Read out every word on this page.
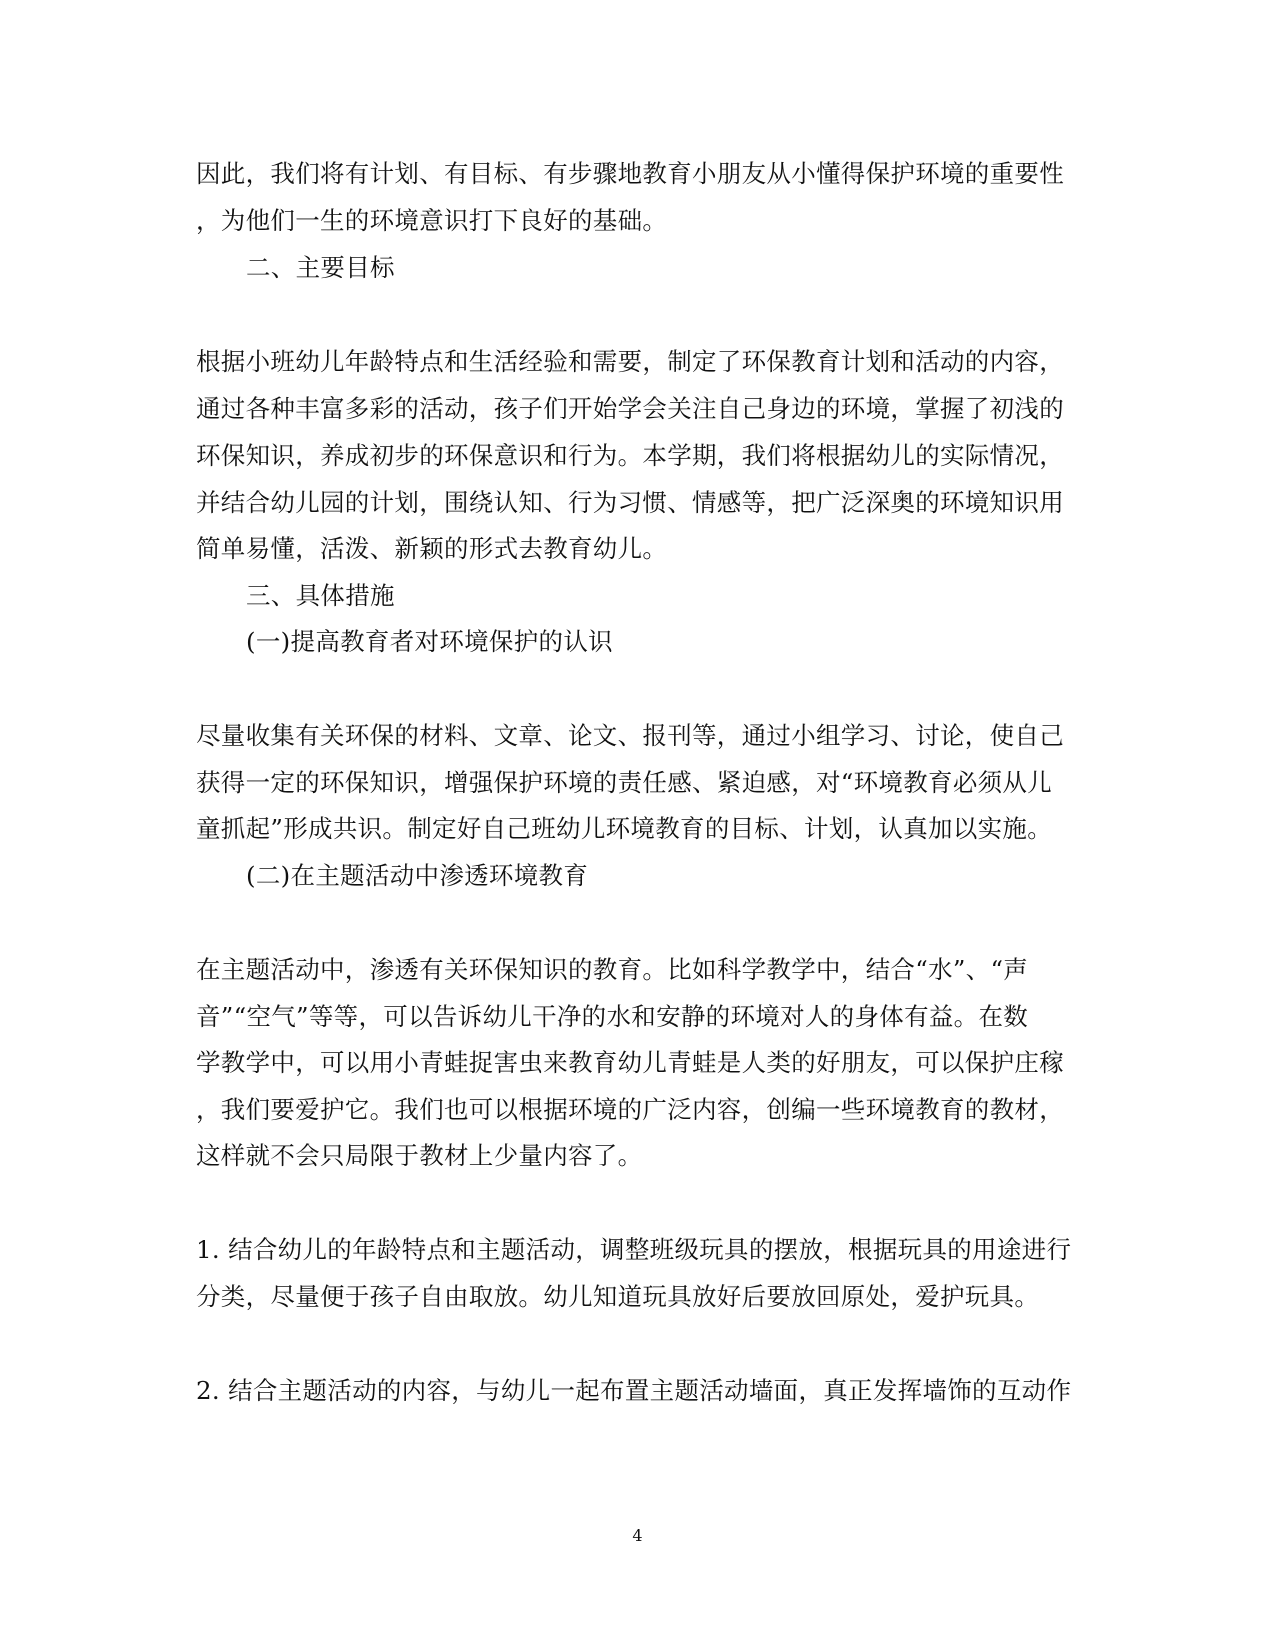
因此，我们将有计划、有目标、有步骤地教育小朋友从小懂得保护环境的重要性
，为他们一生的环境意识打下良好的基础。
二、主要目标
根据小班幼儿年龄特点和生活经验和需要，制定了环保教育计划和活动的内容，
通过各种丰富多彩的活动，孩子们开始学会关注自己身边的环境，掌握了初浅的
环保知识，养成初步的环保意识和行为。本学期，我们将根据幼儿的实际情况，
并结合幼儿园的计划，围绕认知、行为习惯、情感等，把广泛深奥的环境知识用
简单易懂，活泼、新颖的形式去教育幼儿。
三、具体措施
(一)提高教育者对环境保护的认识
尽量收集有关环保的材料、文章、论文、报刊等，通过小组学习、讨论，使自己
获得一定的环保知识，增强保护环境的责任感、紧迫感，对“环境教育必须从儿
童抓起”形成共识。制定好自己班幼儿环境教育的目标、计划，认真加以实施。
(二)在主题活动中渗透环境教育
在主题活动中，渗透有关环保知识的教育。比如科学教学中，结合“水”、“声
音”“空气”等等，可以告诉幼儿干净的水和安静的环境对人的身体有益。在数
学教学中，可以用小青蛙捉害虫来教育幼儿青蛙是人类的好朋友，可以保护庄稼
，我们要爱护它。我们也可以根据环境的广泛内容，创编一些环境教育的教材，
这样就不会只局限于教材上少量内容了。
1. 结合幼儿的年龄特点和主题活动，调整班级玩具的摆放，根据玩具的用途进行
分类，尽量便于孩子自由取放。幼儿知道玩具放好后要放回原处，爱护玩具。
2. 结合主题活动的内容，与幼儿一起布置主题活动墙面，真正发挥墙饰的互动作
4
